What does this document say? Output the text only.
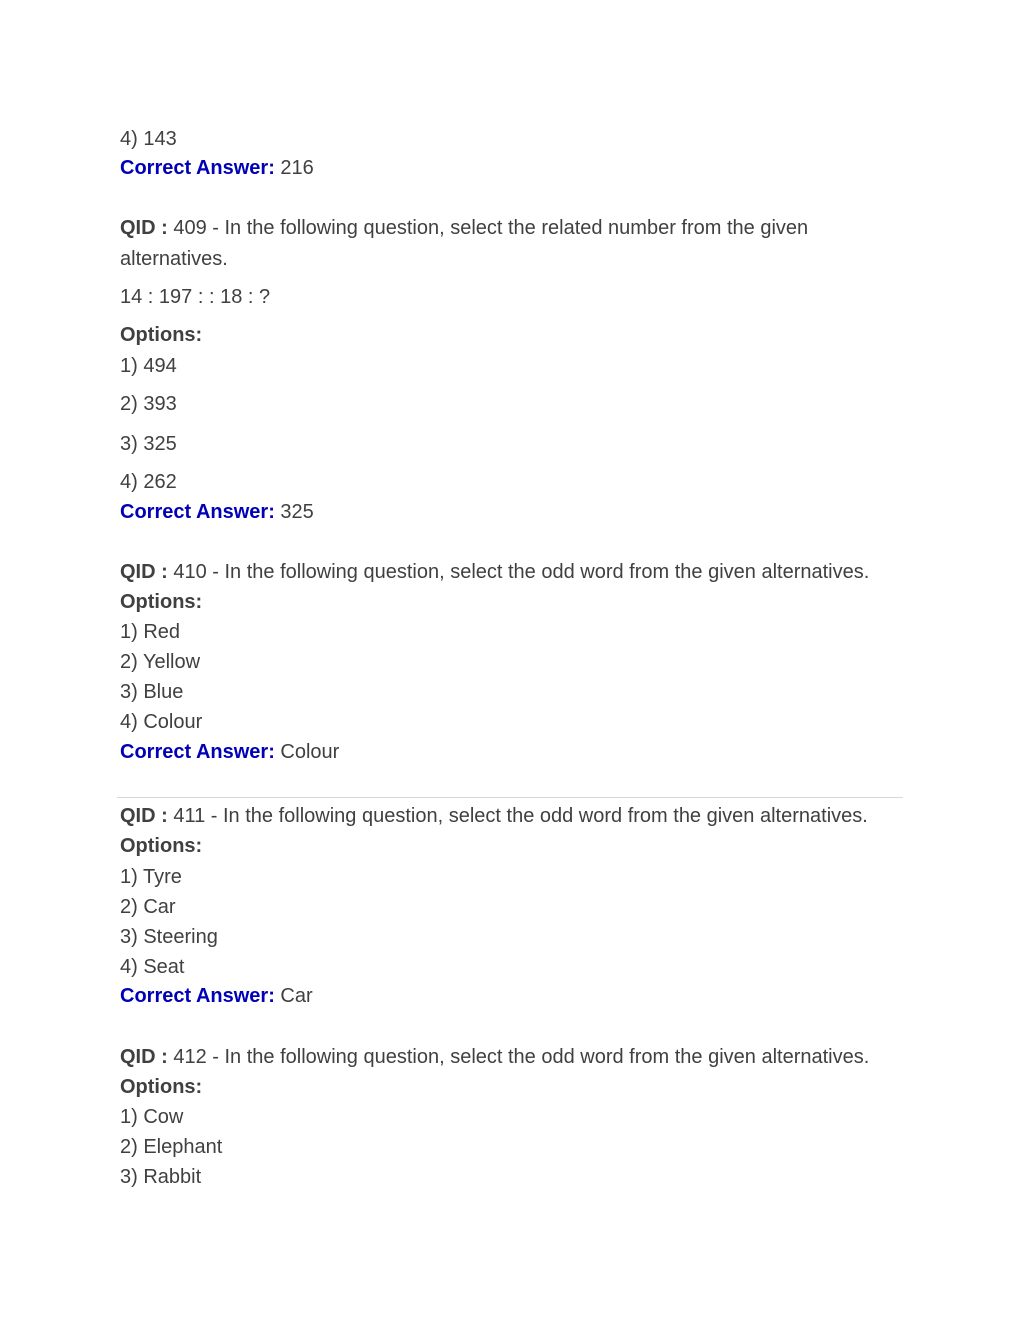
4) 143
Correct Answer: 216
QID : 409 - In the following question, select the related number from the given alternatives.
14 : 197 : : 18 : ?
Options:
1) 494
2) 393
3) 325
4) 262
Correct Answer: 325
QID : 410 - In the following question, select the odd word from the given alternatives.
Options:
1) Red
2) Yellow
3) Blue
4) Colour
Correct Answer: Colour
QID : 411 - In the following question, select the odd word from the given alternatives.
Options:
1) Tyre
2) Car
3) Steering
4) Seat
Correct Answer: Car
QID : 412 - In the following question, select the odd word from the given alternatives.
Options:
1) Cow
2) Elephant
3) Rabbit
